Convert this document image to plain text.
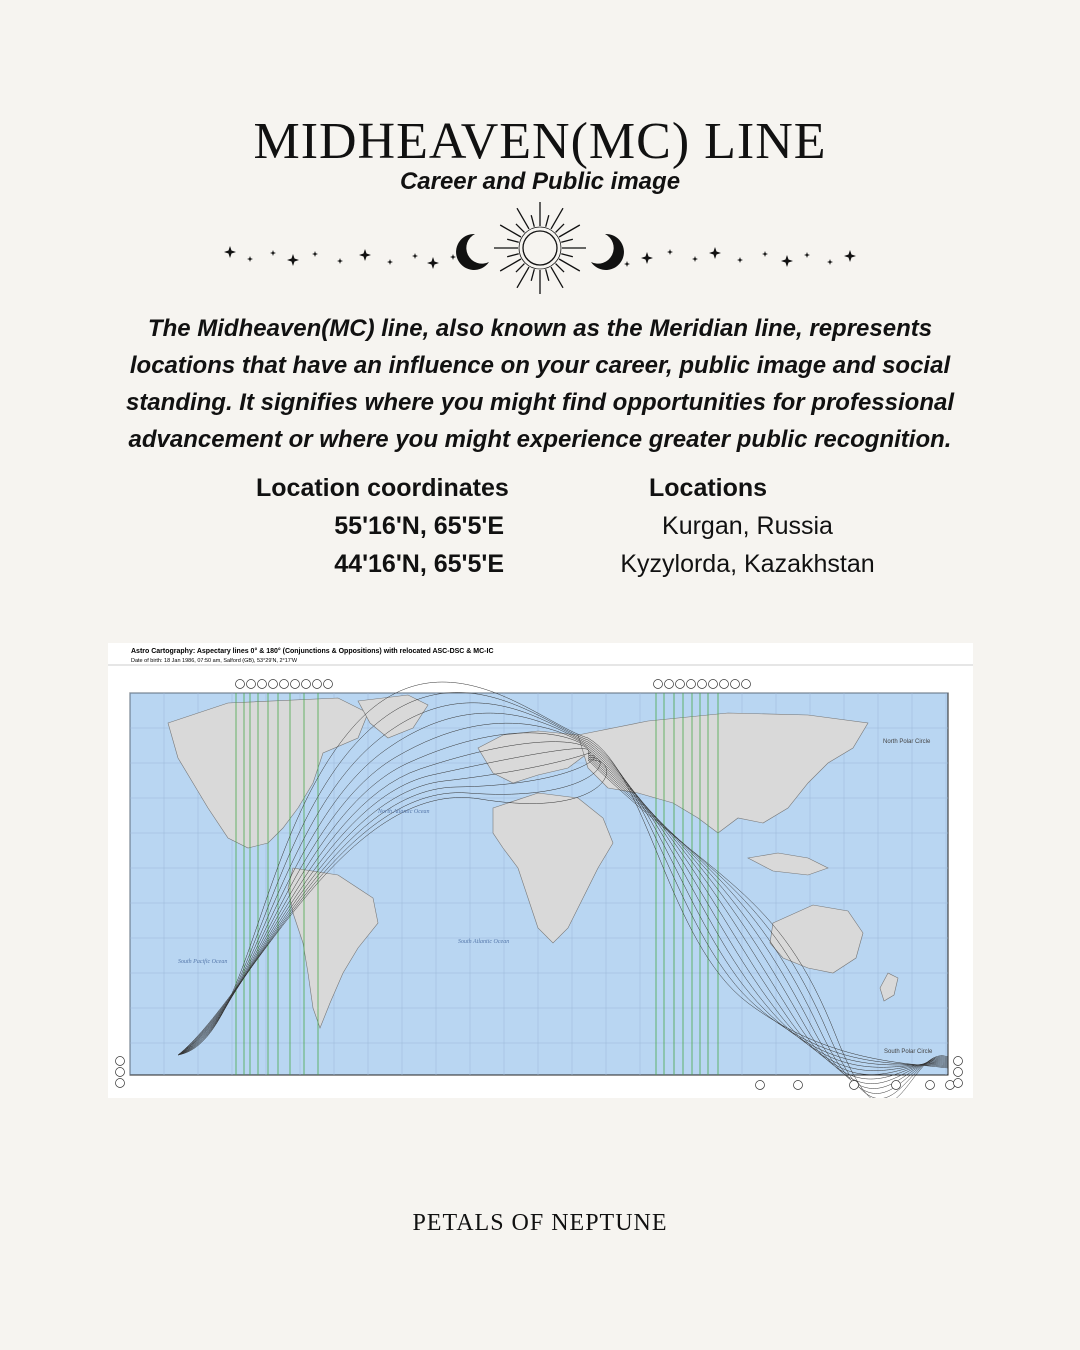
MIDHEAVEN(MC) LINE
Career and Public image
The Midheaven(MC) line, also known as the Meridian line, represents locations that have an influence on your career, public image and social standing. It signifies where you might find opportunities for professional advancement or where you might experience greater public recognition.
Location coordinates	Locations
55'16'N, 65'5'E	Kurgan, Russia
44'16'N, 65'5'E	Kyzylorda, Kazakhstan
Astro Cartography: Aspectary lines 0° & 180° (Conjunctions & Oppositions) with relocated ASC-DSC & MC-IC
Date of birth: 18 Jan 1986, 07:50 am, Salford (GB), 53°29'N, 2°17'W
North Polar Circle
South Polar Circle
North Atlantic Ocean
South Atlantic Ocean
South Pacific Ocean
PETALS OF NEPTUNE
